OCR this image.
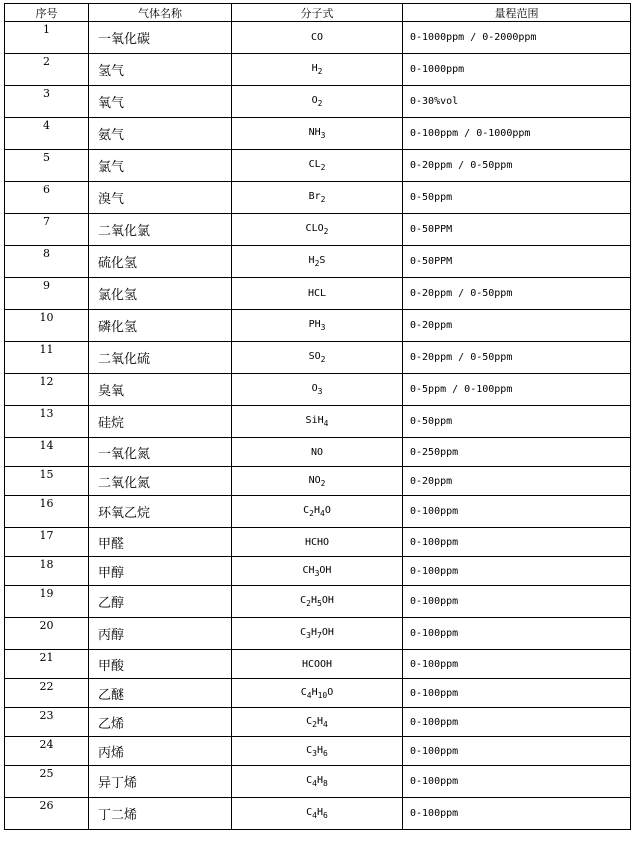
序号	气体名称	分子式	量程范围
1	一氧化碳	CO	0-1000ppm / 0-2000ppm
2	氢气	$H_2$	0-1000ppm
3	氧气	$O_2$	0-30%vol
4	氨气	$NH_3$	0-100ppm / 0-1000ppm
5	氯气	$CL_2$	0-20ppm / 0-50ppm
6	溴气	$Br_2$	0-50ppm
7	二氧化氯	$CLO_2$	0-50PPM
8	硫化氢	$H_2S$	0-50PPM
9	氯化氢	HCL	0-20ppm / 0-50ppm
10	磷化氢	$PH_3$	0-20ppm
11	二氧化硫	$SO_2$	0-20ppm / 0-50ppm
12	臭氧	$O_3$	0-5ppm / 0-100ppm
13	硅烷	SiH$_4$	0-50ppm
14	一氧化氮	NO	0-250ppm
15	二氧化氮	$NO_2$	0-20ppm
16	环氧乙烷	$C_2H_4O$	0-100ppm
17	甲醛	HCHO	0-100ppm
18	甲醇	$CH_3OH$	0-100ppm
19	乙醇	$C_2H_5OH$	0-100ppm
20	丙醇	$C_3H_7OH$	0-100ppm
21	甲酸	HCOOH	0-100ppm
22	乙醚	$C_4H_{10}O$	0-100ppm
23	乙烯	$C_2H_4$	0-100ppm
24	丙烯	$C_3H_6$	0-100ppm
25	异丁烯	$C_4H_8$	0-100ppm
26	丁二烯	$C_4H_6$	0-100ppm
